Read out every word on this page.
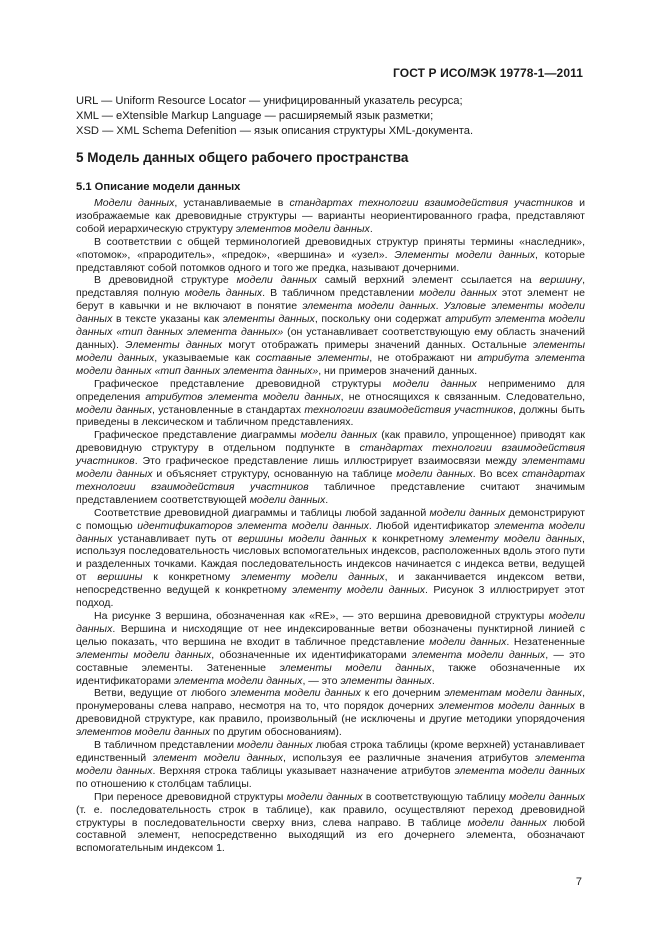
ГОСТ Р ИСО/МЭК 19778-1—2011
URL — Uniform Resource Locator — унифицированный указатель ресурса;
XML — eXtensible Markup Language — расширяемый язык разметки;
XSD — XML Schema Defenition — язык описания структуры XML-документа.
5 Модель данных общего рабочего пространства
5.1 Описание модели данных

Модели данных, устанавливаемые в стандартах технологии взаимодействия участников и изображаемые как древовидные структуры — варианты неориентированного графа, представляют собой иерархическую структуру элементов модели данных.

В соответствии с общей терминологией древовидных структур приняты термины «наследник», «потомок», «прародитель», «предок», «вершина» и «узел». Элементы модели данных, которые представляют собой потомков одного и того же предка, называют дочерними.

В древовидной структуре модели данных самый верхний элемент ссылается на вершину, представляя полную модель данных. В табличном представлении модели данных этот элемент не берут в кавычки и не включают в понятие элемента модели данных. Узловые элементы модели данных в тексте указаны как элементы данных, поскольку они содержат атрибут элемента модели данных «тип данных элемента данных» (он устанавливает соответствующую ему область значений данных). Элементы данных могут отображать примеры значений данных. Остальные элементы модели данных, указываемые как составные элементы, не отображают ни атрибута элемента модели данных «тип данных элемента данных», ни примеров значений данных.

Графическое представление древовидной структуры модели данных неприменимо для определения атрибутов элемента модели данных, не относящихся к связанным. Следовательно, модели данных, установленные в стандартах технологии взаимодействия участников, должны быть приведены в лексическом и табличном представлениях.

Графическое представление диаграммы модели данных (как правило, упрощенное) приводят как древовидную структуру в отдельном подпункте в стандартах технологии взаимодействия участников. Это графическое представление лишь иллюстрирует взаимосвязи между элементами модели данных и объясняет структуру, основанную на таблице модели данных. Во всех стандартах технологии взаимодействия участников табличное представление считают значимым представлением соответствующей модели данных.

Соответствие древовидной диаграммы и таблицы любой заданной модели данных демонстрируют с помощью идентификаторов элемента модели данных. Любой идентификатор элемента модели данных устанавливает путь от вершины модели данных к конкретному элементу модели данных, используя последовательность числовых вспомогательных индексов, расположенных вдоль этого пути и разделенных точками. Каждая последовательность индексов начинается с индекса ветви, ведущей от вершины к конкретному элементу модели данных, и заканчивается индексом ветви, непосредственно ведущей к конкретному элементу модели данных. Рисунок 3 иллюстрирует этот подход.

На рисунке 3 вершина, обозначенная как «RE», — это вершина древовидной структуры модели данных. Вершина и нисходящие от нее индексированные ветви обозначены пунктирной линией с целью показать, что вершина не входит в табличное представление модели данных. Незатененные элементы модели данных, обозначенные их идентификаторами элемента модели данных, — это составные элементы. Затененные элементы модели данных, также обозначенные их идентификаторами элемента модели данных, — это элементы данных.

Ветви, ведущие от любого элемента модели данных к его дочерним элементам модели данных, пронумерованы слева направо, несмотря на то, что порядок дочерних элементов модели данных в древовидной структуре, как правило, произвольный (не исключены и другие методики упорядочения элементов модели данных по другим обоснованиям).

В табличном представлении модели данных любая строка таблицы (кроме верхней) устанавливает единственный элемент модели данных, используя ее различные значения атрибутов элемента модели данных. Верхняя строка таблицы указывает назначение атрибутов элемента модели данных по отношению к столбцам таблицы.

При переносе древовидной структуры модели данных в соответствующую таблицу модели данных (т. е. последовательность строк в таблице), как правило, осуществляют переход древовидной структуры в последовательности сверху вниз, слева направо. В таблице модели данных любой составной элемент, непосредственно выходящий из его дочернего элемента, обозначают вспомогательным индексом 1.

7
